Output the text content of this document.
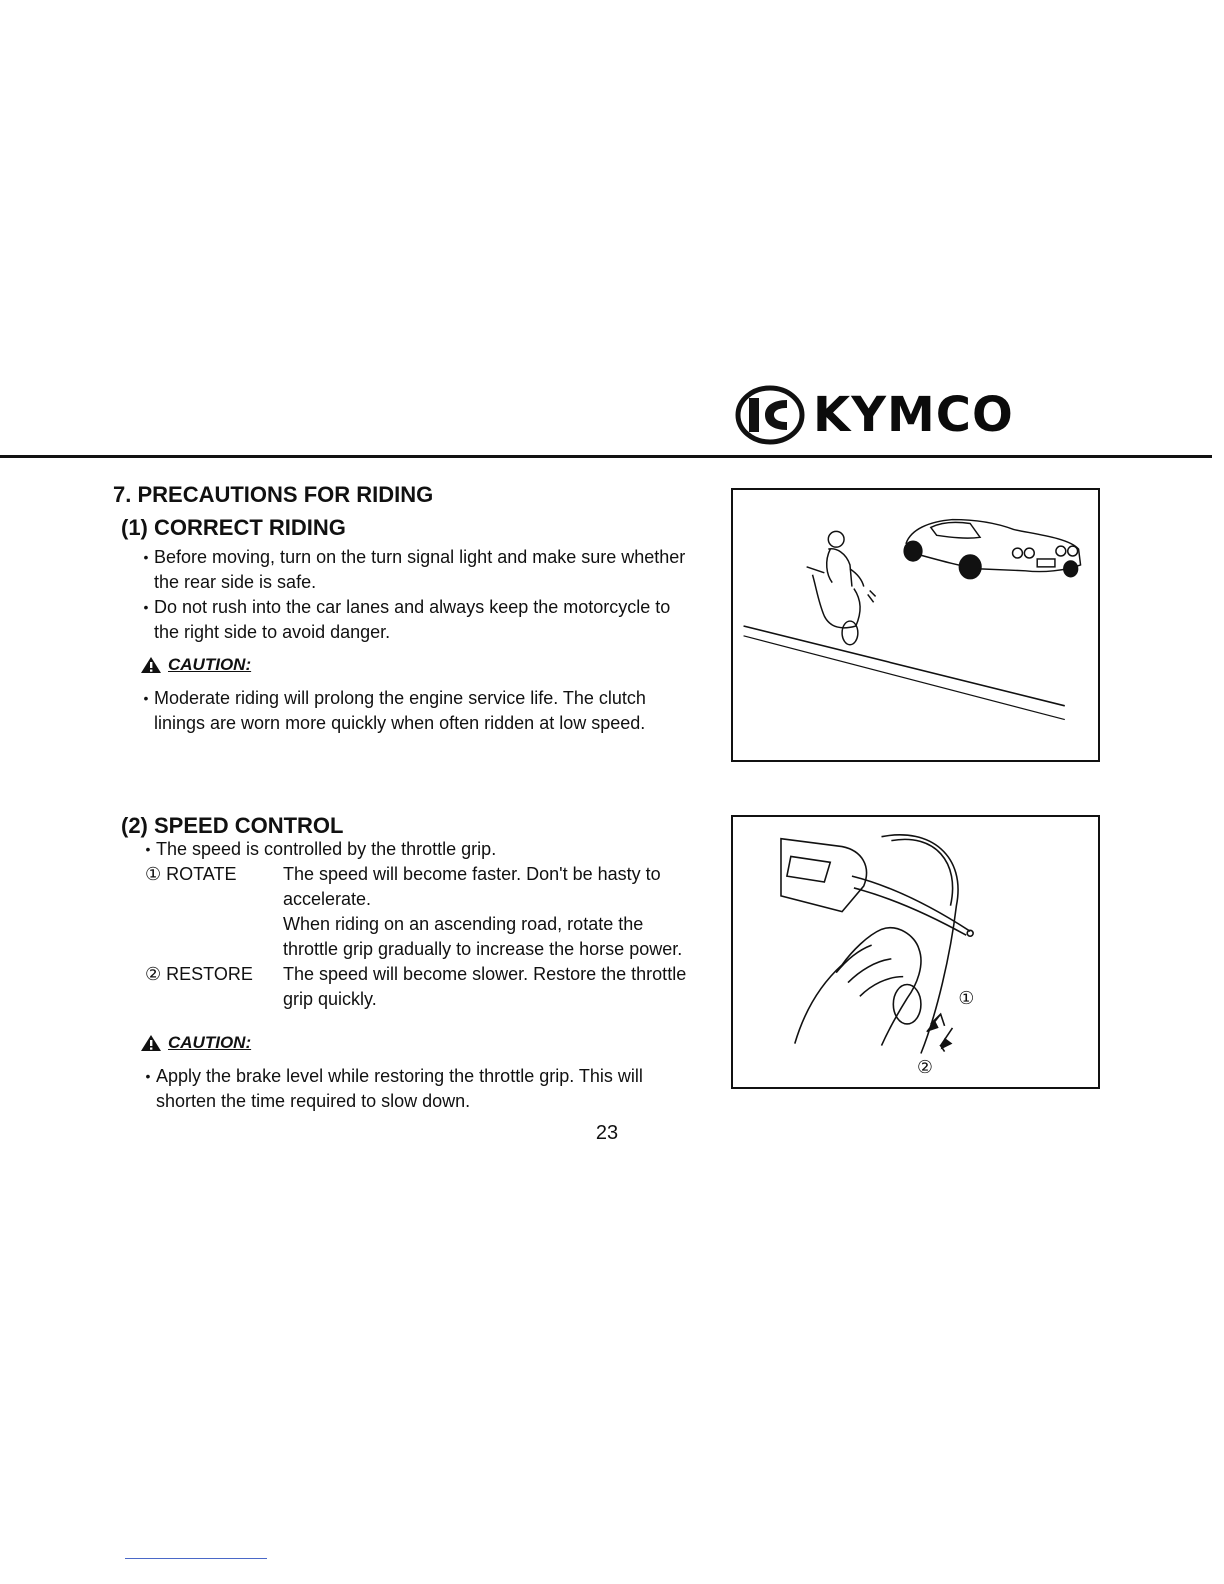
KYMCO
7. PRECAUTIONS FOR RIDING
(1) CORRECT RIDING
• Before moving, turn on the turn signal light and make sure whether the rear side is safe.
• Do not rush into the car lanes and always keep the motorcycle to the right side to avoid danger.
CAUTION:
• Moderate riding will prolong the engine service life. The clutch linings are worn more quickly when often ridden at low speed.
(2) SPEED CONTROL
• The speed is controlled by the throttle grip.
① ROTATE	The speed will become faster. Don't be hasty to accelerate.
When riding on an ascending road, rotate the throttle grip gradually to increase the horse power.
② RESTORE	The speed will become slower. Restore the throttle grip quickly.
CAUTION:
• Apply the brake level while restoring the throttle grip. This will shorten the time required to slow down.
①
②
23
